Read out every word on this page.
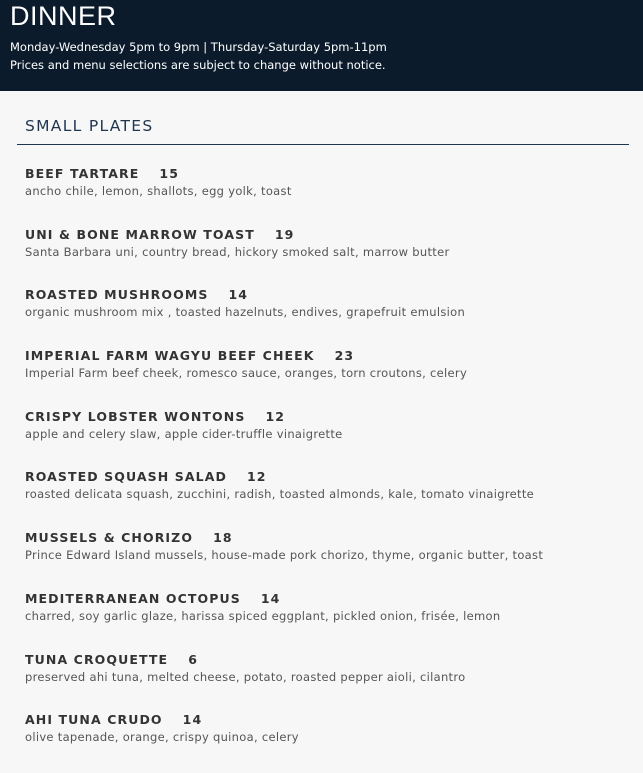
DINNER
Monday-Wednesday 5pm to 9pm | Thursday-Saturday 5pm-11pm
Prices and menu selections are subject to change without notice.
SMALL PLATES
BEEF TARTARE 15
ancho chile, lemon, shallots, egg yolk, toast
UNI & BONE MARROW TOAST 19
Santa Barbara uni, country bread, hickory smoked salt, marrow butter
ROASTED MUSHROOMS 14
organic mushroom mix , toasted hazelnuts, endives, grapefruit emulsion
IMPERIAL FARM WAGYU BEEF CHEEK 23
Imperial Farm beef cheek, romesco sauce, oranges, torn croutons, celery
CRISPY LOBSTER WONTONS 12
apple and celery slaw, apple cider-truffle vinaigrette
ROASTED SQUASH SALAD 12
roasted delicata squash, zucchini, radish, toasted almonds, kale, tomato vinaigrette
MUSSELS & CHORIZO 18
Prince Edward Island mussels, house-made pork chorizo, thyme, organic butter, toast
MEDITERRANEAN OCTOPUS 14
charred, soy garlic glaze, harissa spiced eggplant, pickled onion, frisée, lemon
TUNA CROQUETTE 6
preserved ahi tuna, melted cheese, potato, roasted pepper aioli, cilantro
AHI TUNA CRUDO 14
olive tapenade, orange, crispy quinoa, celery
